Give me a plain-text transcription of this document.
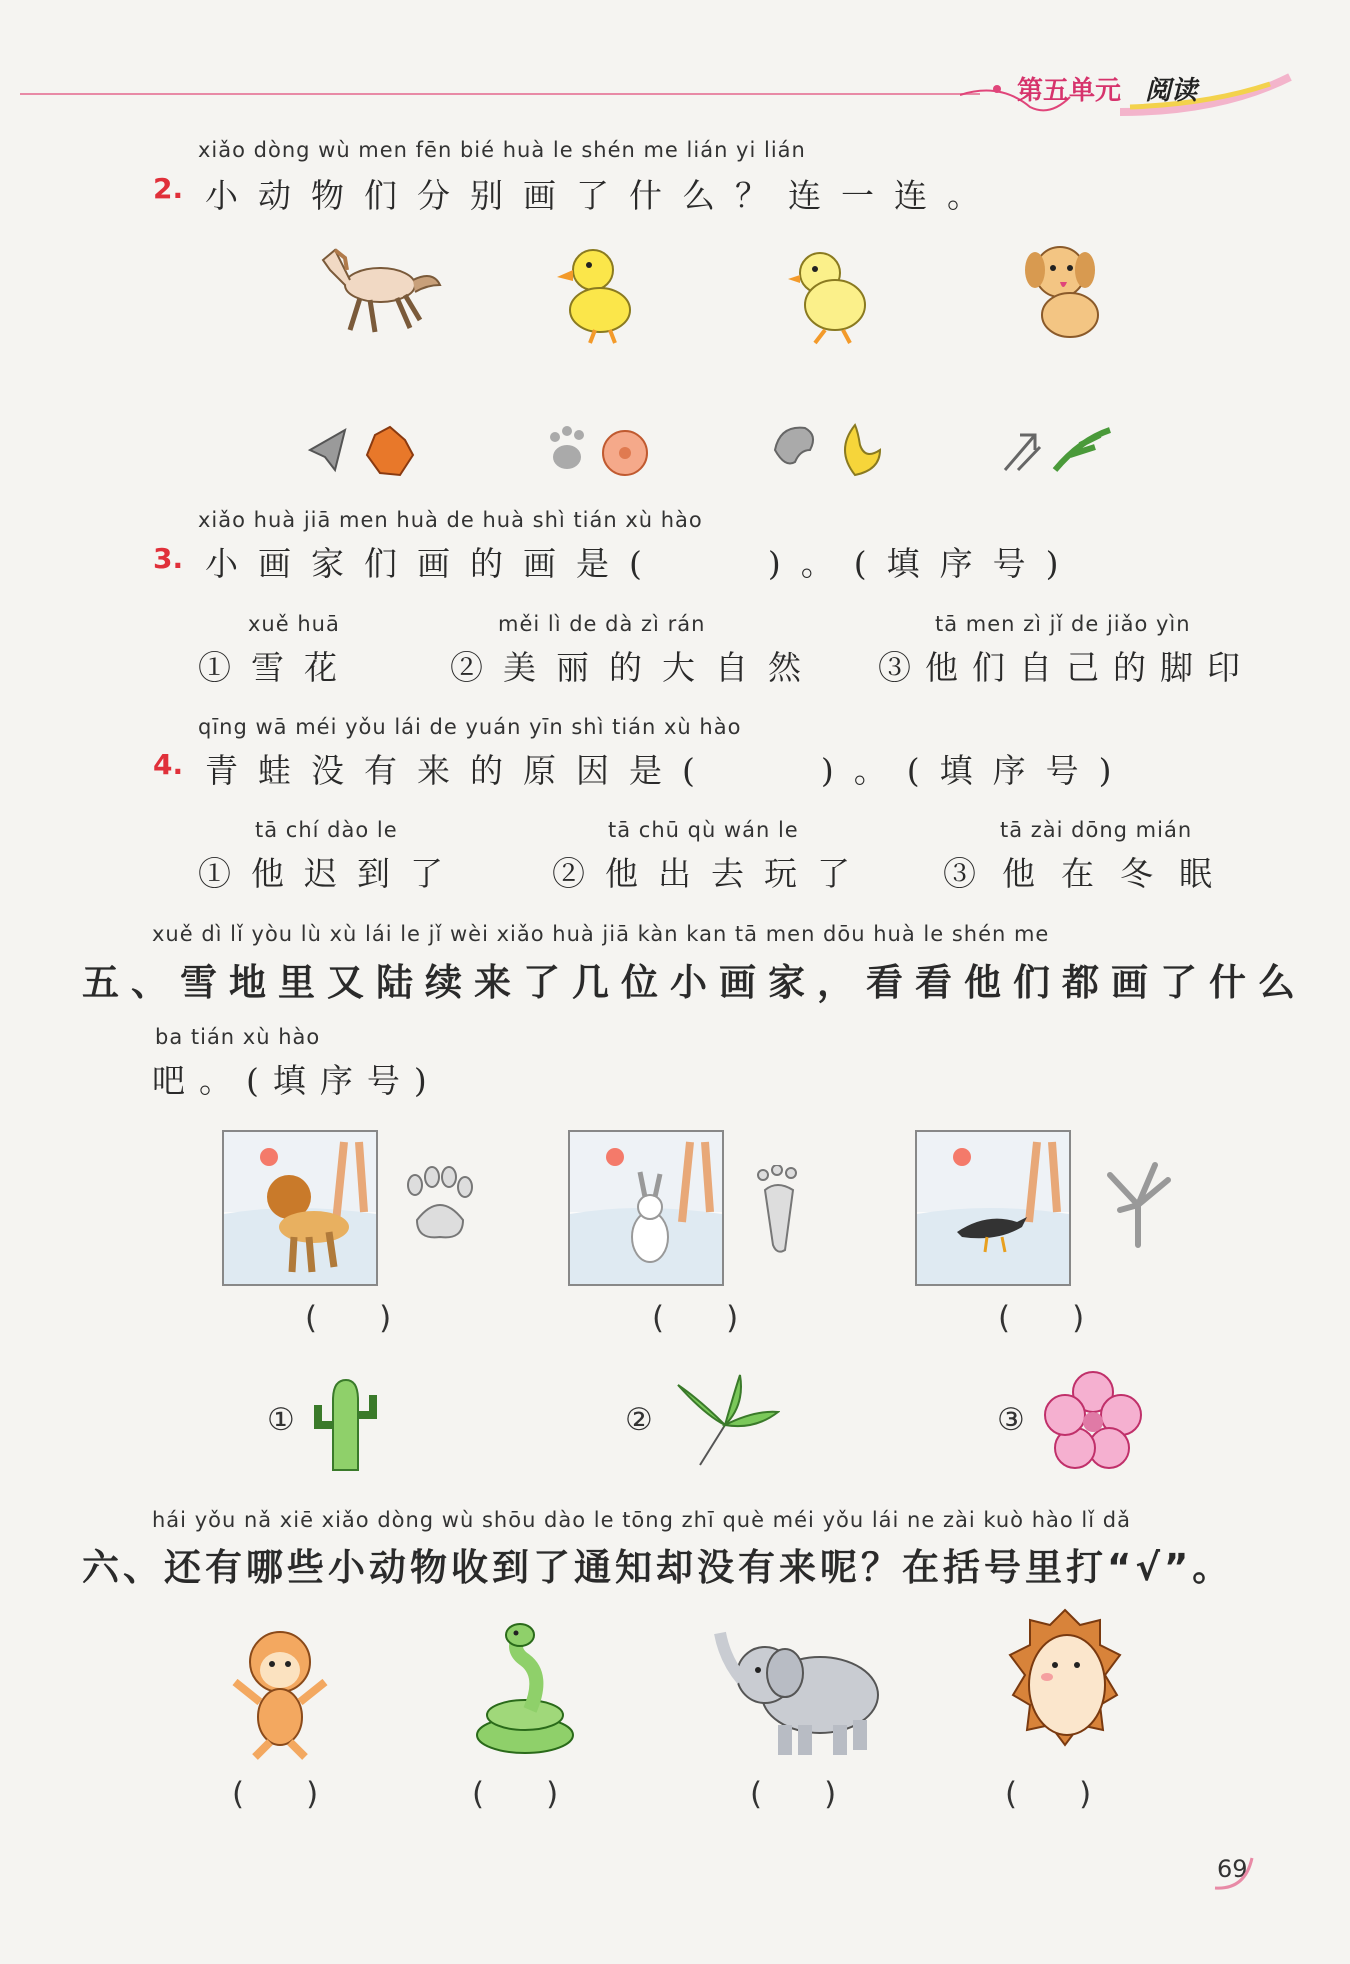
第五单元 阅读
xiǎo dòng wù men fēn bié huà le shén me lián yi lián
2. 小动物们分别画了什么？连一连。
xiǎo huà jiā men huà de huà shì tián xù hào
3. 小画家们画的画是(　　)。(填序号)
xuě huā
①雪花
měi lì de dà zì rán
②美丽的大自然
tā men zì jǐ de jiǎo yìn
③他们自己的脚印
qīng wā méi yǒu lái de yuán yīn shì tián xù hào
4. 青蛙没有来的原因是(　　)。(填序号)
tā chí dào le
①他迟到了
tā chū qù wán le
②他出去玩了
tā zài dōng mián
③他在冬眠
xuě dì lǐ yòu lù xù lái le jǐ wèi xiǎo huà jiā kàn kan tā men dōu huà le shén me
五、雪地里又陆续来了几位小画家，看看他们都画了什么
ba tián xù hào
吧。(填序号)
(　　)	(　　)	(　　)
①	②	③
hái yǒu nǎ xiē xiǎo dòng wù shōu dào le tōng zhī què méi yǒu lái ne zài kuò hào lǐ dǎ
六、还有哪些小动物收到了通知却没有来呢？在括号里打“√”。
(　　)	(　　)	(　　)	(　　)
69
